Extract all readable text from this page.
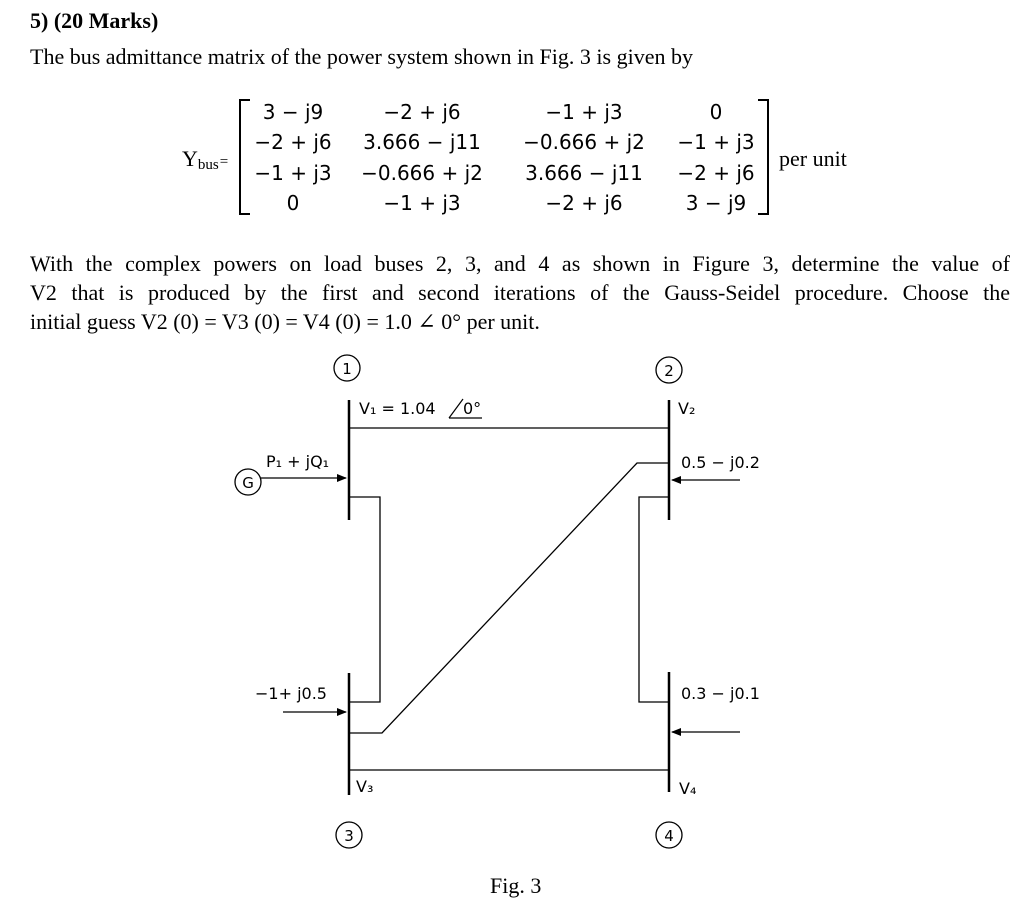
5) (20 Marks)
The bus admittance matrix of the power system shown in Fig. 3 is given by
$Y_{bus}=$
3 − j9	−2 + j6	−1 + j3	0
−2 + j6	3.666 − j11	−0.666 + j2	−1 + j3
−1 + j3	−0.666 + j2	3.666 − j11	−2 + j6
0	−1 + j3	−2 + j6	3 − j9
per unit
With the complex powers on load buses 2, 3, and 4 as shown in Figure 3, determine the value of
V2 that is produced by the first and second iterations of the Gauss-Seidel procedure. Choose the
initial guess V2 (0) = V3 (0) = V4 (0) = 1.0 ∠ 0° per unit.
1	2
3	4
G
V₁ = 1.04 0°	V₂
V₃	V₄
P₁ + jQ₁	0.5 − j0.2
−1+ j0.5	0.3 − j0.1
Fig. 3
